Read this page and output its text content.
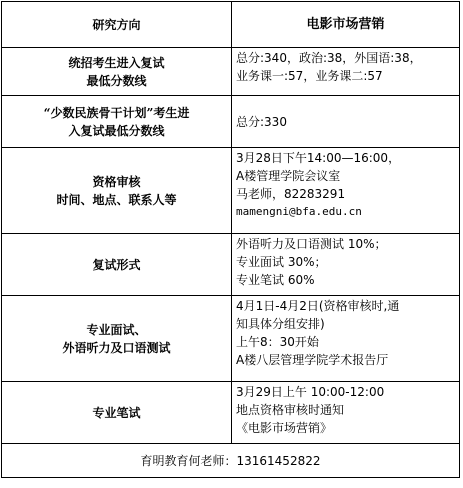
研究方向	电影市场营销

统招考生进入复试
最低分数线	总分:340，政治:38，外国语:38，
业务课一:57，业务课二:57

“少数民族骨干计划”考生进
入复试最低分数线	总分:330

资格审核
时间、地点、联系人等	3月28日下午14:00—16:00，
A楼管理学院会议室
马老师，82283291
mamengni@bfa.edu.cn

复试形式	外语听力及口语测试 10%；
专业面试 30%；
专业笔试 60%

专业面试、
外语听力及口语测试	4月1日-4月2日(资格审核时,通
知具体分组安排)
上午8：30开始
A楼八层管理学院学术报告厅

专业笔试	3月29日上午 10:00-12:00
地点资格审核时通知
《电影市场营销》

育明教育何老师：13161452822	
